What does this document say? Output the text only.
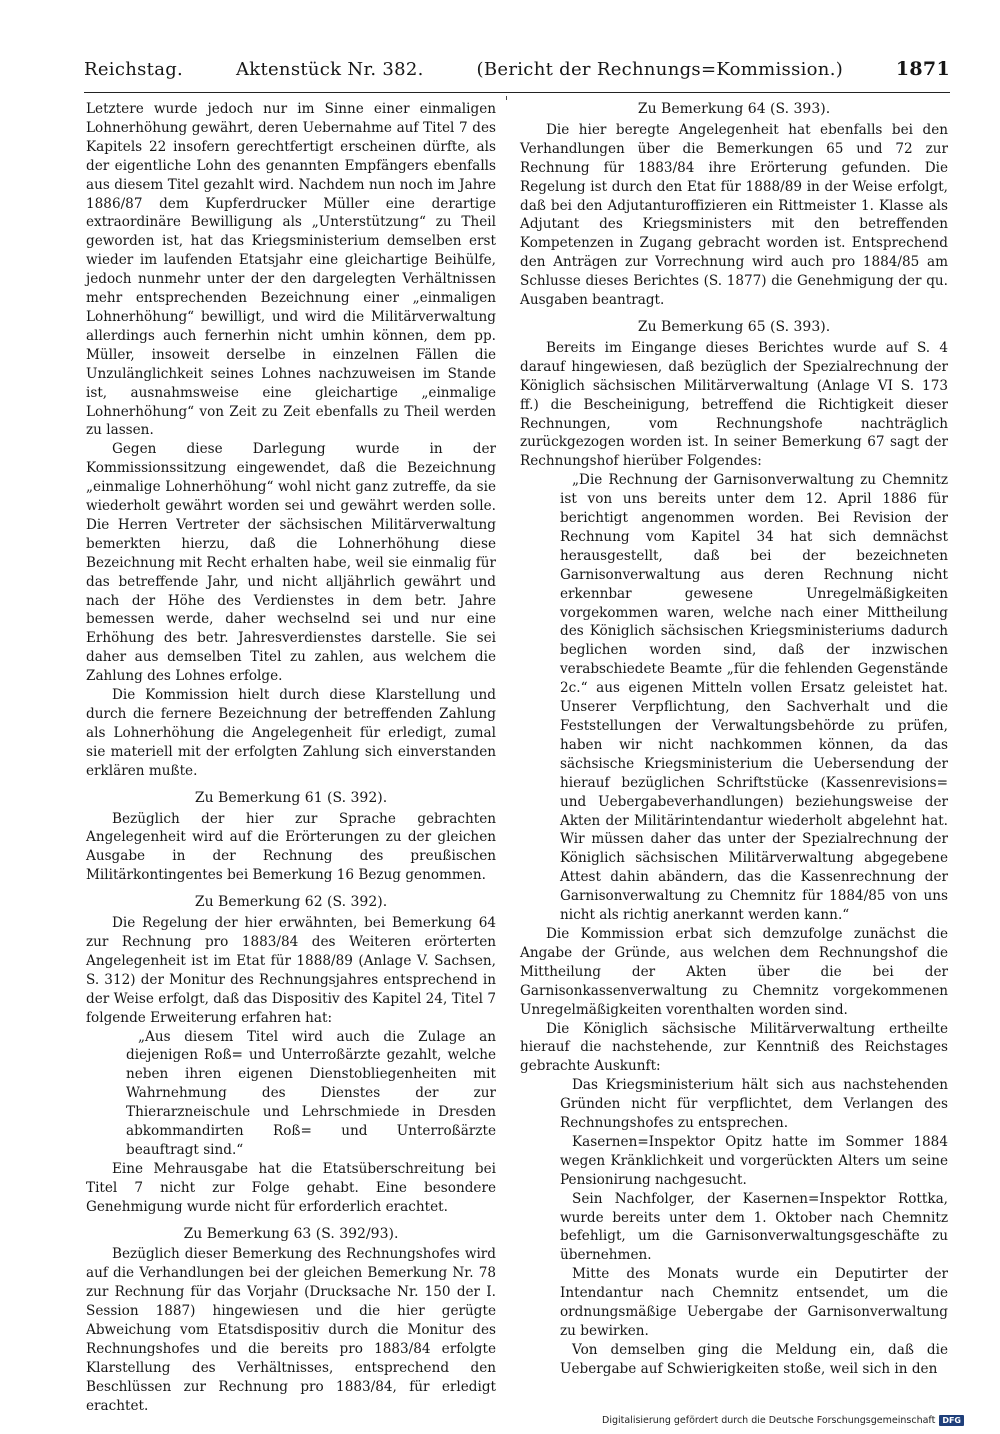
Reichstag.	Aktenstück Nr. 382.	(Bericht der Rechnungs=Kommission.)	1871

Letztere wurde jedoch nur im Sinne einer einmaligen Lohnerhöhung gewährt, deren Uebernahme auf Titel 7 des Kapitels 22 insofern gerechtfertigt erscheinen dürfte, als der eigentliche Lohn des genannten Empfängers ebenfalls aus diesem Titel gezahlt wird. Nachdem nun noch im Jahre 1886/87 dem Kupferdrucker Müller eine derartige extraordinäre Bewilligung als „Unterstützung“ zu Theil geworden ist, hat das Kriegsministerium demselben erst wieder im laufenden Etatsjahr eine gleichartige Beihülfe, jedoch nunmehr unter der den dargelegten Verhältnissen mehr entsprechenden Bezeichnung einer „einmaligen Lohnerhöhung“ bewilligt, und wird die Militärverwaltung allerdings auch fernerhin nicht umhin können, dem pp. Müller, insoweit derselbe in einzelnen Fällen die Unzulänglichkeit seines Lohnes nachzuweisen im Stande ist, ausnahmsweise eine gleichartige „einmalige Lohnerhöhung“ von Zeit zu Zeit ebenfalls zu Theil werden zu lassen.

Gegen diese Darlegung wurde in der Kommissionssitzung eingewendet, daß die Bezeichnung „einmalige Lohnerhöhung“ wohl nicht ganz zutreffe, da sie wiederholt gewährt worden sei und gewährt werden solle. Die Herren Vertreter der sächsischen Militärverwaltung bemerkten hierzu, daß die Lohnerhöhung diese Bezeichnung mit Recht erhalten habe, weil sie einmalig für das betreffende Jahr, und nicht alljährlich gewährt und nach der Höhe des Verdienstes in dem betr. Jahre bemessen werde, daher wechselnd sei und nur eine Erhöhung des betr. Jahresverdienstes darstelle. Sie sei daher aus demselben Titel zu zahlen, aus welchem die Zahlung des Lohnes erfolge.

Die Kommission hielt durch diese Klarstellung und durch die fernere Bezeichnung der betreffenden Zahlung als Lohnerhöhung die Angelegenheit für erledigt, zumal sie materiell mit der erfolgten Zahlung sich einverstanden erklären mußte.

Zu Bemerkung 61 (S. 392).

Bezüglich der hier zur Sprache gebrachten Angelegenheit wird auf die Erörterungen zu der gleichen Ausgabe in der Rechnung des preußischen Militärkontingentes bei Bemerkung 16 Bezug genommen.

Zu Bemerkung 62 (S. 392).

Die Regelung der hier erwähnten, bei Bemerkung 64 zur Rechnung pro 1883/84 des Weiteren erörterten Angelegenheit ist im Etat für 1888/89 (Anlage V. Sachsen, S. 312) der Monitur des Rechnungsjahres entsprechend in der Weise erfolgt, daß das Dispositiv des Kapitel 24, Titel 7 folgende Erweiterung erfahren hat:

„Aus diesem Titel wird auch die Zulage an diejenigen Roß= und Unterroßärzte gezahlt, welche neben ihren eigenen Dienstobliegenheiten mit Wahrnehmung des Dienstes der zur Thierarzneischule und Lehrschmiede in Dresden abkommandirten Roß= und Unterroßärzte beauftragt sind.“

Eine Mehrausgabe hat die Etatsüberschreitung bei Titel 7 nicht zur Folge gehabt. Eine besondere Genehmigung wurde nicht für erforderlich erachtet.

Zu Bemerkung 63 (S. 392/93).

Bezüglich dieser Bemerkung des Rechnungshofes wird auf die Verhandlungen bei der gleichen Bemerkung Nr. 78 zur Rechnung für das Vorjahr (Drucksache Nr. 150 der I. Session 1887) hingewiesen und die hier gerügte Abweichung vom Etatsdispositiv durch die Monitur des Rechnungshofes und die bereits pro 1883/84 erfolgte Klarstellung des Verhältnisses, entsprechend den Beschlüssen zur Rechnung pro 1883/84, für erledigt erachtet.

Zu Bemerkung 64 (S. 393).

Die hier beregte Angelegenheit hat ebenfalls bei den Verhandlungen über die Bemerkungen 65 und 72 zur Rechnung für 1883/84 ihre Erörterung gefunden. Die Regelung ist durch den Etat für 1888/89 in der Weise erfolgt, daß bei den Adjutanturoffizieren ein Rittmeister 1. Klasse als Adjutant des Kriegsministers mit den betreffenden Kompetenzen in Zugang gebracht worden ist. Entsprechend den Anträgen zur Vorrechnung wird auch pro 1884/85 am Schlusse dieses Berichtes (S. 1877) die Genehmigung der qu. Ausgaben beantragt.

Zu Bemerkung 65 (S. 393).

Bereits im Eingange dieses Berichtes wurde auf S. 4 darauf hingewiesen, daß bezüglich der Spezialrechnung der Königlich sächsischen Militärverwaltung (Anlage VI S. 173 ff.) die Bescheinigung, betreffend die Richtigkeit dieser Rechnungen, vom Rechnungshofe nachträglich zurückgezogen worden ist. In seiner Bemerkung 67 sagt der Rechnungshof hierüber Folgendes:

„Die Rechnung der Garnisonverwaltung zu Chemnitz ist von uns bereits unter dem 12. April 1886 für berichtigt angenommen worden. Bei Revision der Rechnung vom Kapitel 34 hat sich demnächst herausgestellt, daß bei der bezeichneten Garnisonverwaltung aus deren Rechnung nicht erkennbar gewesene Unregelmäßigkeiten vorgekommen waren, welche nach einer Mittheilung des Königlich sächsischen Kriegsministeriums dadurch beglichen worden sind, daß der inzwischen verabschiedete Beamte „für die fehlenden Gegenstände 2c.“ aus eigenen Mitteln vollen Ersatz geleistet hat. Unserer Verpflichtung, den Sachverhalt und die Feststellungen der Verwaltungsbehörde zu prüfen, haben wir nicht nachkommen können, da das sächsische Kriegsministerium die Uebersendung der hierauf bezüglichen Schriftstücke (Kassenrevisions= und Uebergabeverhandlungen) beziehungsweise der Akten der Militärintendantur wiederholt abgelehnt hat. Wir müssen daher das unter der Spezialrechnung der Königlich sächsischen Militärverwaltung abgegebene Attest dahin abändern, das die Kassenrechnung der Garnisonverwaltung zu Chemnitz für 1884/85 von uns nicht als richtig anerkannt werden kann.“

Die Kommission erbat sich demzufolge zunächst die Angabe der Gründe, aus welchen dem Rechnungshof die Mittheilung der Akten über die bei der Garnisonkassenverwaltung zu Chemnitz vorgekommenen Unregelmäßigkeiten vorenthalten worden sind.

Die Königlich sächsische Militärverwaltung ertheilte hierauf die nachstehende, zur Kenntniß des Reichstages gebrachte Auskunft:

Das Kriegsministerium hält sich aus nachstehenden Gründen nicht für verpflichtet, dem Verlangen des Rechnungshofes zu entsprechen.

Kasernen=Inspektor Opitz hatte im Sommer 1884 wegen Kränklichkeit und vorgerückten Alters um seine Pensionirung nachgesucht.

Sein Nachfolger, der Kasernen=Inspektor Rottka, wurde bereits unter dem 1. Oktober nach Chemnitz befehligt, um die Garnisonverwaltungsgeschäfte zu übernehmen.

Mitte des Monats wurde ein Deputirter der Intendantur nach Chemnitz entsendet, um die ordnungsmäßige Uebergabe der Garnisonverwaltung zu bewirken.

Von demselben ging die Meldung ein, daß die Uebergabe auf Schwierigkeiten stoße, weil sich in den

Digitalisierung gefördert durch die Deutsche Forschungsgemeinschaft DFG
